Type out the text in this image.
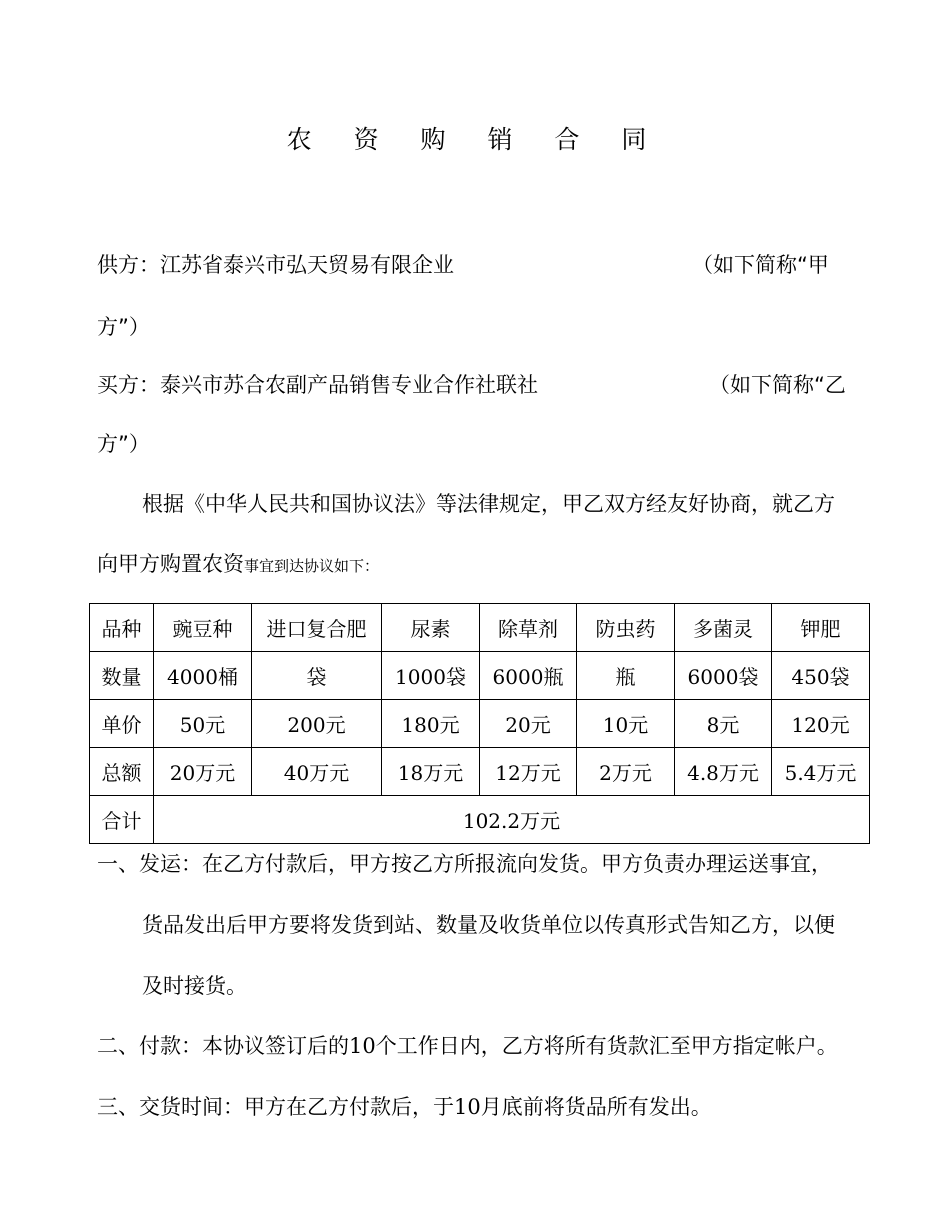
农 资 购 销 合 同
供方：江苏省泰兴市弘天贸易有限企业	（如下简称“甲
方”）
买方：泰兴市苏合农副产品销售专业合作社联社	（如下简称“乙
方”）
根据《中华人民共和国协议法》等法律规定，甲乙双方经友好协商，就乙方
向甲方购置农资事宜到达协议如下：
品种	豌豆种	进口复合肥	尿素	除草剂	防虫药	多菌灵	钾肥
数量	4000桶	袋	1000袋	6000瓶	瓶	6000袋	450袋
单价	50元	200元	180元	20元	10元	8元	120元
总额	20万元	40万元	18万元	12万元	2万元	4.8万元	5.4万元
合计	102.2万元						
一、发运：在乙方付款后，甲方按乙方所报流向发货。甲方负责办理运送事宜，
货品发出后甲方要将发货到站、数量及收货单位以传真形式告知乙方，以便
及时接货。
二、付款：本协议签订后的10个工作日内，乙方将所有货款汇至甲方指定帐户。
三、交货时间：甲方在乙方付款后，于10月底前将货品所有发出。
